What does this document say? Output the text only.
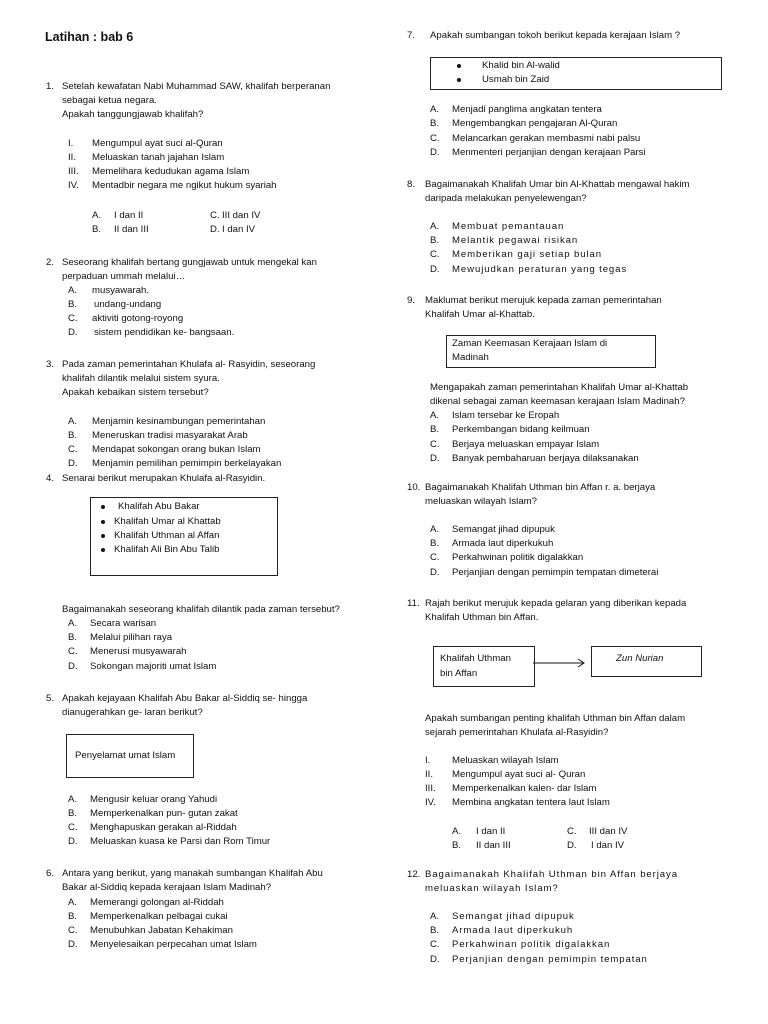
Latihan : bab 6
1. Setelah kewafatan Nabi Muhammad SAW, khalifah berperanan
sebagai ketua negara.
Apakah tanggungjawab khalifah?
I. Mengumpul ayat suci al-Quran
II. Meluaskan tanah jajahan Islam
III. Memelihara kedudukan agama Islam
IV. Mentadbir negara me ngikut hukum syariah
A. I dan II	C. III dan IV
B. II dan III	D. I dan IV
2. Seseorang khalifah bertang gungjawab untuk mengekal kan
perpaduan ummah melalui…
A. musyawarah.
B. undang-undang
C. aktiviti gotong-royong
D. sistem pendidikan ke- bangsaan.
3. Pada zaman pemerintahan Khulafa al- Rasyidin, seseorang
khalifah dilantik melalui sistem syura.
Apakah kebaikan sistem tersebut?
A. Menjamin kesinambungan pemerintahan
B. Meneruskan tradisi masyarakat Arab
C. Mendapat sokongan orang bukan Islam
D. Menjamin pemilihan pemimpin berkelayakan
4. Senarai berikut merupakan Khulafa al-Rasyidin.
Khalifah Abu Bakar
Khalifah Umar al Khattab
Khalifah Uthman al Affan
Khalifah Ali Bin Abu Talib
Bagaimanakah seseorang khalifah dilantik pada zaman tersebut?
A. Secara warisan
B. Melalui pilihan raya
C. Menerusi musyawarah
D. Sokongan majoriti umat Islam
5. Apakah kejayaan Khalifah Abu Bakar al-Siddiq se- hingga
dianugerahkan ge- laran berikut?
Penyelamat umat Islam
A. Mengusir keluar orang Yahudi
B. Memperkenalkan pun- gutan zakat
C. Menghapuskan gerakan al-Riddah
D. Meluaskan kuasa ke Parsi dan Rom Timur
6. Antara yang berikut, yang manakah sumbangan Khalifah Abu
Bakar al-Siddiq kepada kerajaan Islam Madinah?
A. Memerangi golongan al-Riddah
B. Memperkenalkan pelbagai cukai
C. Menubuhkan Jabatan Kehakiman
D. Menyelesaikan perpecahan umat Islam
7. Apakah sumbangan tokoh berikut kepada kerajaan Islam ?
Khalid bin Al-walid
Usmah bin Zaid
A. Menjadi panglima angkatan tentera
B. Mengembangkan pengajaran Al-Quran
C. Melancarkan gerakan membasmi nabi palsu
D. Menmenteri perjanjian dengan kerajaan Parsi
8. Bagaimanakah Khalifah Umar bin Al-Khattab mengawal hakim
daripada melakukan penyelewengan?
A. Membuat pemantauan
B. Melantik pegawai risikan
C. Memberikan gaji setiap bulan
D. Mewujudkan peraturan yang tegas
9. Maklumat berikut merujuk kepada zaman pemerintahan
Khalifah Umar al-Khattab.
Zaman Keemasan Kerajaan Islam di
Madinah
Mengapakah zaman pemerintahan Khalifah Umar al-Khattab
dikenal sebagai zaman keemasan kerajaan Islam Madinah?
A. Islam tersebar ke Eropah
B. Perkembangan bidang keilmuan
C. Berjaya meluaskan empayar Islam
D. Banyak pembaharuan berjaya dilaksanakan
10. Bagaimanakah Khalifah Uthman bin Affan r. a. berjaya
meluaskan wilayah Islam?
A. Semangat jihad dipupuk
B. Armada laut diperkukuh
C. Perkahwinan politik digalakkan
D. Perjanjian dengan pemimpin tempatan dimeterai
11. Rajah berikut merujuk kepada gelaran yang diberikan kepada
Khalifah Uthman bin Affan.
Khalifah Uthman
bin Affan
Zun Nurian
Apakah sumbangan penting khalifah Uthman bin Affan dalam
sejarah pemerintahan Khulafa al-Rasyidin?
I. Meluaskan wilayah Islam
II. Mengumpul ayat suci al- Quran
III. Memperkenalkan kalen- dar Islam
IV. Membina angkatan tentera laut Islam
A. I dan II	C. III dan IV
B. II dan III	D. I dan IV
12. Bagaimanakah Khalifah Uthman bin Affan berjaya
meluaskan wilayah Islam?
A. Semangat jihad dipupuk
B. Armada laut diperkukuh
C. Perkahwinan politik digalakkan
D. Perjanjian dengan pemimpin tempatan
